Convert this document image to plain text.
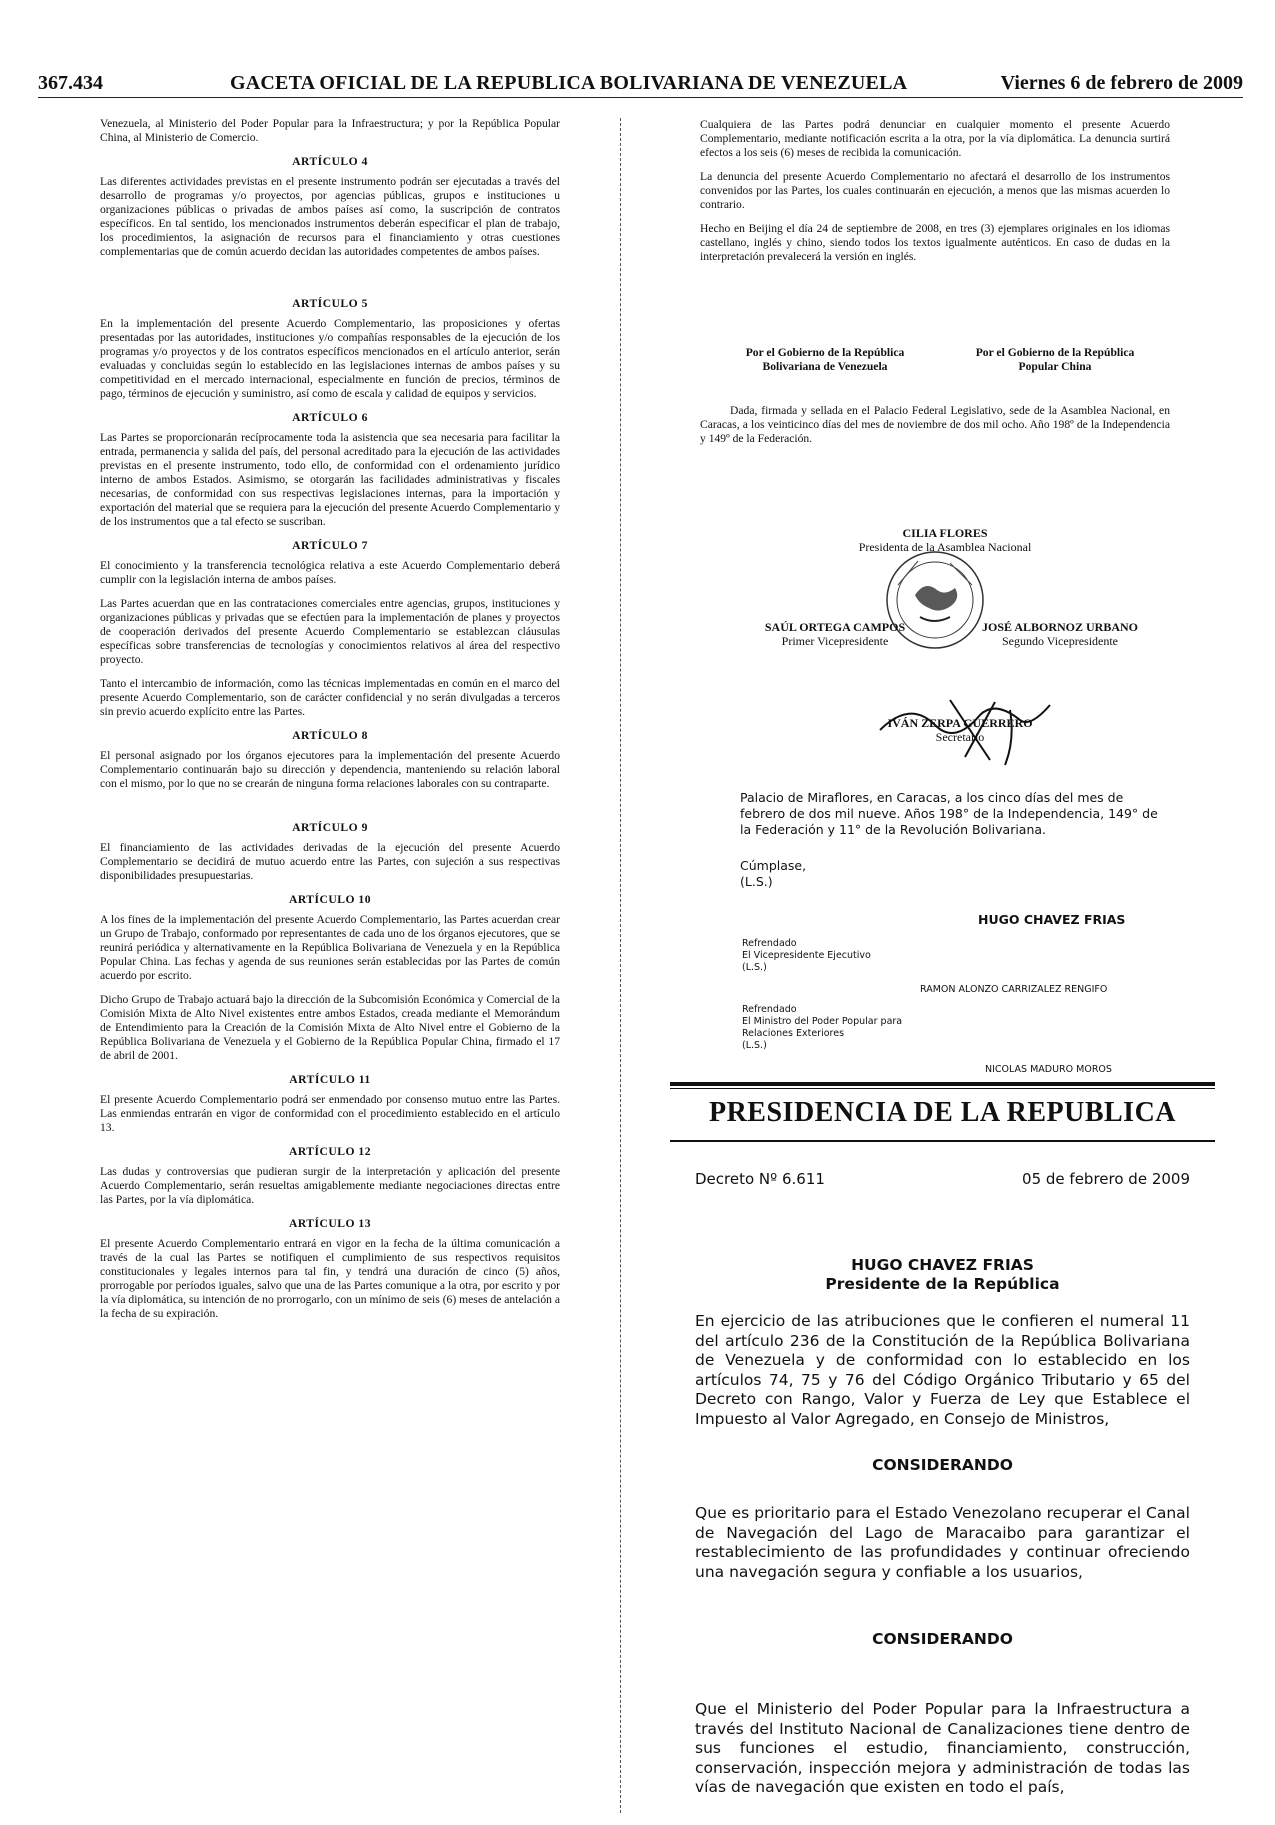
367.434	GACETA OFICIAL DE LA REPUBLICA BOLIVARIANA DE VENEZUELA	Viernes 6 de febrero de 2009

Venezuela, al Ministerio del Poder Popular para la Infraestructura; y por la República Popular China, al Ministerio de Comercio.

ARTÍCULO 4

Las diferentes actividades previstas en el presente instrumento podrán ser ejecutadas a través del desarrollo de programas y/o proyectos, por agencias públicas, grupos e instituciones u organizaciones públicas o privadas de ambos países así como, la suscripción de contratos específicos. En tal sentido, los mencionados instrumentos deberán especificar el plan de trabajo, los procedimientos, la asignación de recursos para el financiamiento y otras cuestiones complementarias que de común acuerdo decidan las autoridades competentes de ambos países.

ARTÍCULO 5

En la implementación del presente Acuerdo Complementario, las proposiciones y ofertas presentadas por las autoridades, instituciones y/o compañías responsables de la ejecución de los programas y/o proyectos y de los contratos específicos mencionados en el artículo anterior, serán evaluadas y concluidas según lo establecido en las legislaciones internas de ambos países y su competitividad en el mercado internacional, especialmente en función de precios, términos de pago, términos de ejecución y suministro, así como de escala y calidad de equipos y servicios.

ARTÍCULO 6

Las Partes se proporcionarán recíprocamente toda la asistencia que sea necesaria para facilitar la entrada, permanencia y salida del país, del personal acreditado para la ejecución de las actividades previstas en el presente instrumento, todo ello, de conformidad con el ordenamiento jurídico interno de ambos Estados. Asimismo, se otorgarán las facilidades administrativas y fiscales necesarias, de conformidad con sus respectivas legislaciones internas, para la importación y exportación del material que se requiera para la ejecución del presente Acuerdo Complementario y de los instrumentos que a tal efecto se suscriban.

ARTÍCULO 7

El conocimiento y la transferencia tecnológica relativa a este Acuerdo Complementario deberá cumplir con la legislación interna de ambos países.

Las Partes acuerdan que en las contrataciones comerciales entre agencias, grupos, instituciones y organizaciones públicas y privadas que se efectúen para la implementación de planes y proyectos de cooperación derivados del presente Acuerdo Complementario se establezcan cláusulas específicas sobre transferencias de tecnologías y conocimientos relativos al área del respectivo proyecto.

Tanto el intercambio de información, como las técnicas implementadas en común en el marco del presente Acuerdo Complementario, son de carácter confidencial y no serán divulgadas a terceros sin previo acuerdo explícito entre las Partes.

ARTÍCULO 8

El personal asignado por los órganos ejecutores para la implementación del presente Acuerdo Complementario continuarán bajo su dirección y dependencia, manteniendo su relación laboral con el mismo, por lo que no se crearán de ninguna forma relaciones laborales con su contraparte.

ARTÍCULO 9

El financiamiento de las actividades derivadas de la ejecución del presente Acuerdo Complementario se decidirá de mutuo acuerdo entre las Partes, con sujeción a sus respectivas disponibilidades presupuestarias.

ARTÍCULO 10

A los fines de la implementación del presente Acuerdo Complementario, las Partes acuerdan crear un Grupo de Trabajo, conformado por representantes de cada uno de los órganos ejecutores, que se reunirá periódica y alternativamente en la República Bolivariana de Venezuela y en la República Popular China. Las fechas y agenda de sus reuniones serán establecidas por las Partes de común acuerdo por escrito.

Dicho Grupo de Trabajo actuará bajo la dirección de la Subcomisión Económica y Comercial de la Comisión Mixta de Alto Nivel existentes entre ambos Estados, creada mediante el Memorándum de Entendimiento para la Creación de la Comisión Mixta de Alto Nivel entre el Gobierno de la República Bolivariana de Venezuela y el Gobierno de la República Popular China, firmado el 17 de abril de 2001.

ARTÍCULO 11

El presente Acuerdo Complementario podrá ser enmendado por consenso mutuo entre las Partes. Las enmiendas entrarán en vigor de conformidad con el procedimiento establecido en el artículo 13.

ARTÍCULO 12

Las dudas y controversias que pudieran surgir de la interpretación y aplicación del presente Acuerdo Complementario, serán resueltas amigablemente mediante negociaciones directas entre las Partes, por la vía diplomática.

ARTÍCULO 13

El presente Acuerdo Complementario entrará en vigor en la fecha de la última comunicación a través de la cual las Partes se notifiquen el cumplimiento de sus respectivos requisitos constitucionales y legales internos para tal fin, y tendrá una duración de cinco (5) años, prorrogable por períodos iguales, salvo que una de las Partes comunique a la otra, por escrito y por la vía diplomática, su intención de no prorrogarlo, con un mínimo de seis (6) meses de antelación a la fecha de su expiración.

Cualquiera de las Partes podrá denunciar en cualquier momento el presente Acuerdo Complementario, mediante notificación escrita a la otra, por la vía diplomática. La denuncia surtirá efectos a los seis (6) meses de recibida la comunicación.

La denuncia del presente Acuerdo Complementario no afectará el desarrollo de los instrumentos convenidos por las Partes, los cuales continuarán en ejecución, a menos que las mismas acuerden lo contrario.

Hecho en Beijing el día 24 de septiembre de 2008, en tres (3) ejemplares originales en los idiomas castellano, inglés y chino, siendo todos los textos igualmente auténticos. En caso de dudas en la interpretación prevalecerá la versión en inglés.

Por el Gobierno de la República
Bolivariana de Venezuela
Por el Gobierno de la República
Popular China
Dada, firmada y sellada en el Palacio Federal Legislativo, sede de la Asamblea Nacional, en Caracas, a los veinticinco días del mes de noviembre de dos mil ocho. Año 198º de la Independencia y 149º de la Federación.
CILIA FLORES
Presidenta de la Asamblea Nacional
SAÚL ORTEGA CAMPOS
Primer Vicepresidente
JOSÉ ALBORNOZ URBANO
Segundo Vicepresidente
IVÁN ZERPA GUERRERO
Secretario
Palacio de Miraflores, en Caracas, a los cinco días del mes de febrero de dos mil nueve. Años 198° de la Independencia, 149° de la Federación y 11° de la Revolución Bolivariana.
Cúmplase,
(L.S.)
HUGO CHAVEZ FRIAS
Refrendado
El Vicepresidente Ejecutivo
(L.S.)
RAMON ALONZO CARRIZALEZ RENGIFO
Refrendado
El Ministro del Poder Popular para
Relaciones Exteriores
(L.S.)
NICOLAS MADURO MOROS
PRESIDENCIA DE LA REPUBLICA
Decreto Nº 6.611	05 de febrero de 2009
HUGO CHAVEZ FRIAS
Presidente de la República
En ejercicio de las atribuciones que le confieren el numeral 11 del artículo 236 de la Constitución de la República Bolivariana de Venezuela y de conformidad con lo establecido en los artículos 74, 75 y 76 del Código Orgánico Tributario y 65 del Decreto con Rango, Valor y Fuerza de Ley que Establece el Impuesto al Valor Agregado, en Consejo de Ministros,
CONSIDERANDO
Que es prioritario para el Estado Venezolano recuperar el Canal de Navegación del Lago de Maracaibo para garantizar el restablecimiento de las profundidades y continuar ofreciendo una navegación segura y confiable a los usuarios,
CONSIDERANDO
Que el Ministerio del Poder Popular para la Infraestructura a través del Instituto Nacional de Canalizaciones tiene dentro de sus funciones el estudio, financiamiento, construcción, conservación, inspección mejora y administración de todas las vías de navegación que existen en todo el país,
